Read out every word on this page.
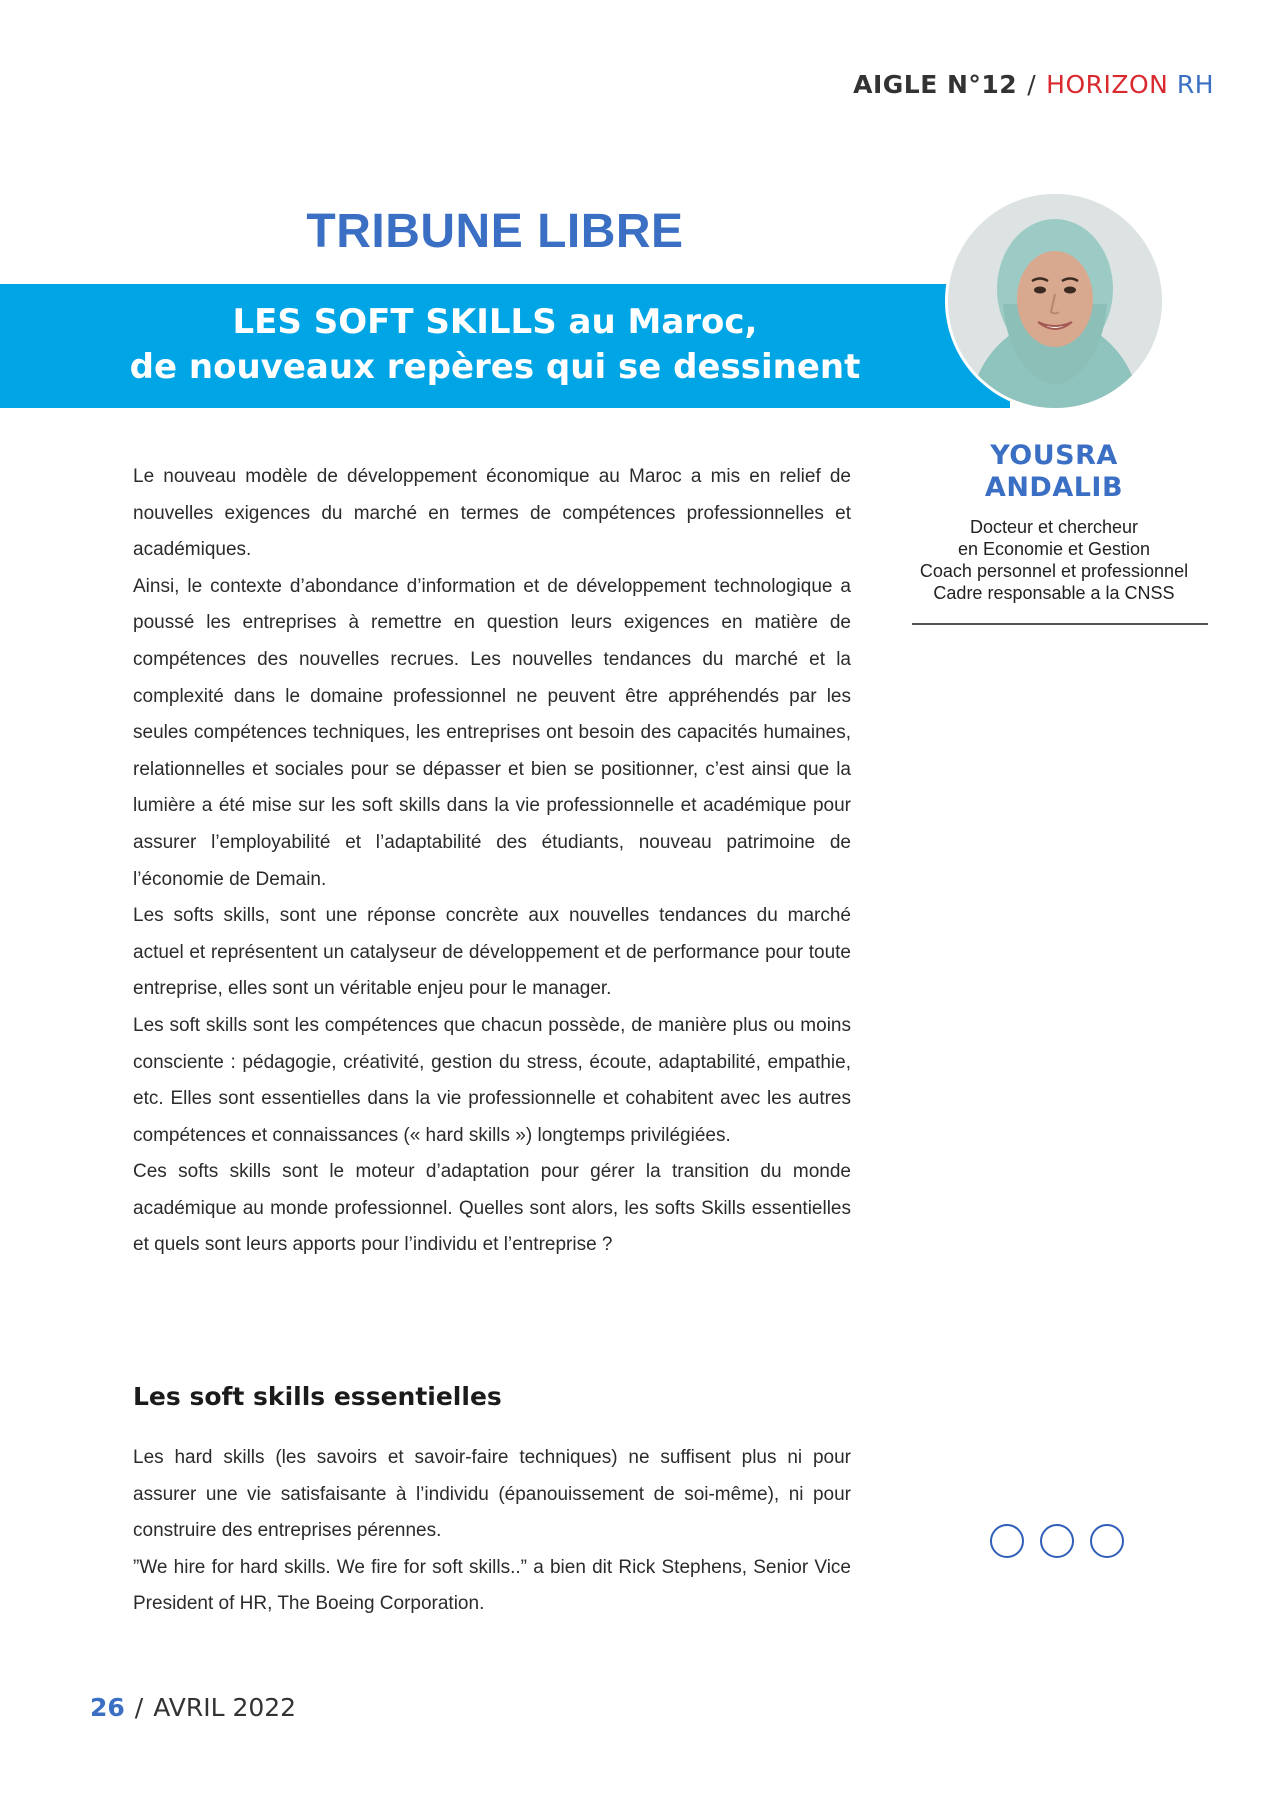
AIGLE N°12 / HORIZON RH
TRIBUNE LIBRE
LES SOFT SKILLS au Maroc,
de nouveaux repères qui se dessinent
YOUSRA
ANDALIB
Docteur et chercheur
en Economie et Gestion
Coach personnel et professionnel
Cadre responsable a la CNSS

Le nouveau modèle de développement économique au Maroc a mis en relief de nouvelles exigences du marché en termes de compétences professionnelles et académiques.

Ainsi, le contexte d’abondance d’information et de développement technologique a poussé les entreprises à remettre en question leurs exigences en matière de compétences des nouvelles recrues. Les nouvelles tendances du marché et la complexité dans le domaine professionnel ne peuvent être appréhendés par les seules compétences techniques, les entreprises ont besoin des capacités humaines, relationnelles et sociales pour se dépasser et bien se positionner, c’est ainsi que la lumière a été mise sur les soft skills dans la vie professionnelle et académique pour assurer l’employabilité et l’adaptabilité des étudiants, nouveau patrimoine de l’économie de Demain.

Les softs skills, sont une réponse concrète aux nouvelles tendances du marché actuel et représentent un catalyseur de développement et de performance pour toute entreprise, elles sont un véritable enjeu pour le manager.

Les soft skills sont les compétences que chacun possède, de manière plus ou moins consciente : pédagogie, créativité, gestion du stress, écoute, adaptabilité, empathie, etc. Elles sont essentielles dans la vie professionnelle et cohabitent avec les autres compétences et connaissances (« hard skills ») longtemps privilégiées.

Ces softs skills sont le moteur d’adaptation pour gérer la transition du monde académique au monde professionnel. Quelles sont alors, les softs Skills essentielles et quels sont leurs apports pour l’individu et l’entreprise ?

Les soft skills essentielles

Les hard skills (les savoirs et savoir-faire techniques) ne suffisent plus ni pour assurer une vie satisfaisante à l’individu (épanouissement de soi-même), ni pour construire des entreprises pérennes.

”We hire for hard skills. We fire for soft skills..” a bien dit Rick Stephens, Senior Vice President of HR, The Boeing Corporation.

26 / AVRIL 2022
